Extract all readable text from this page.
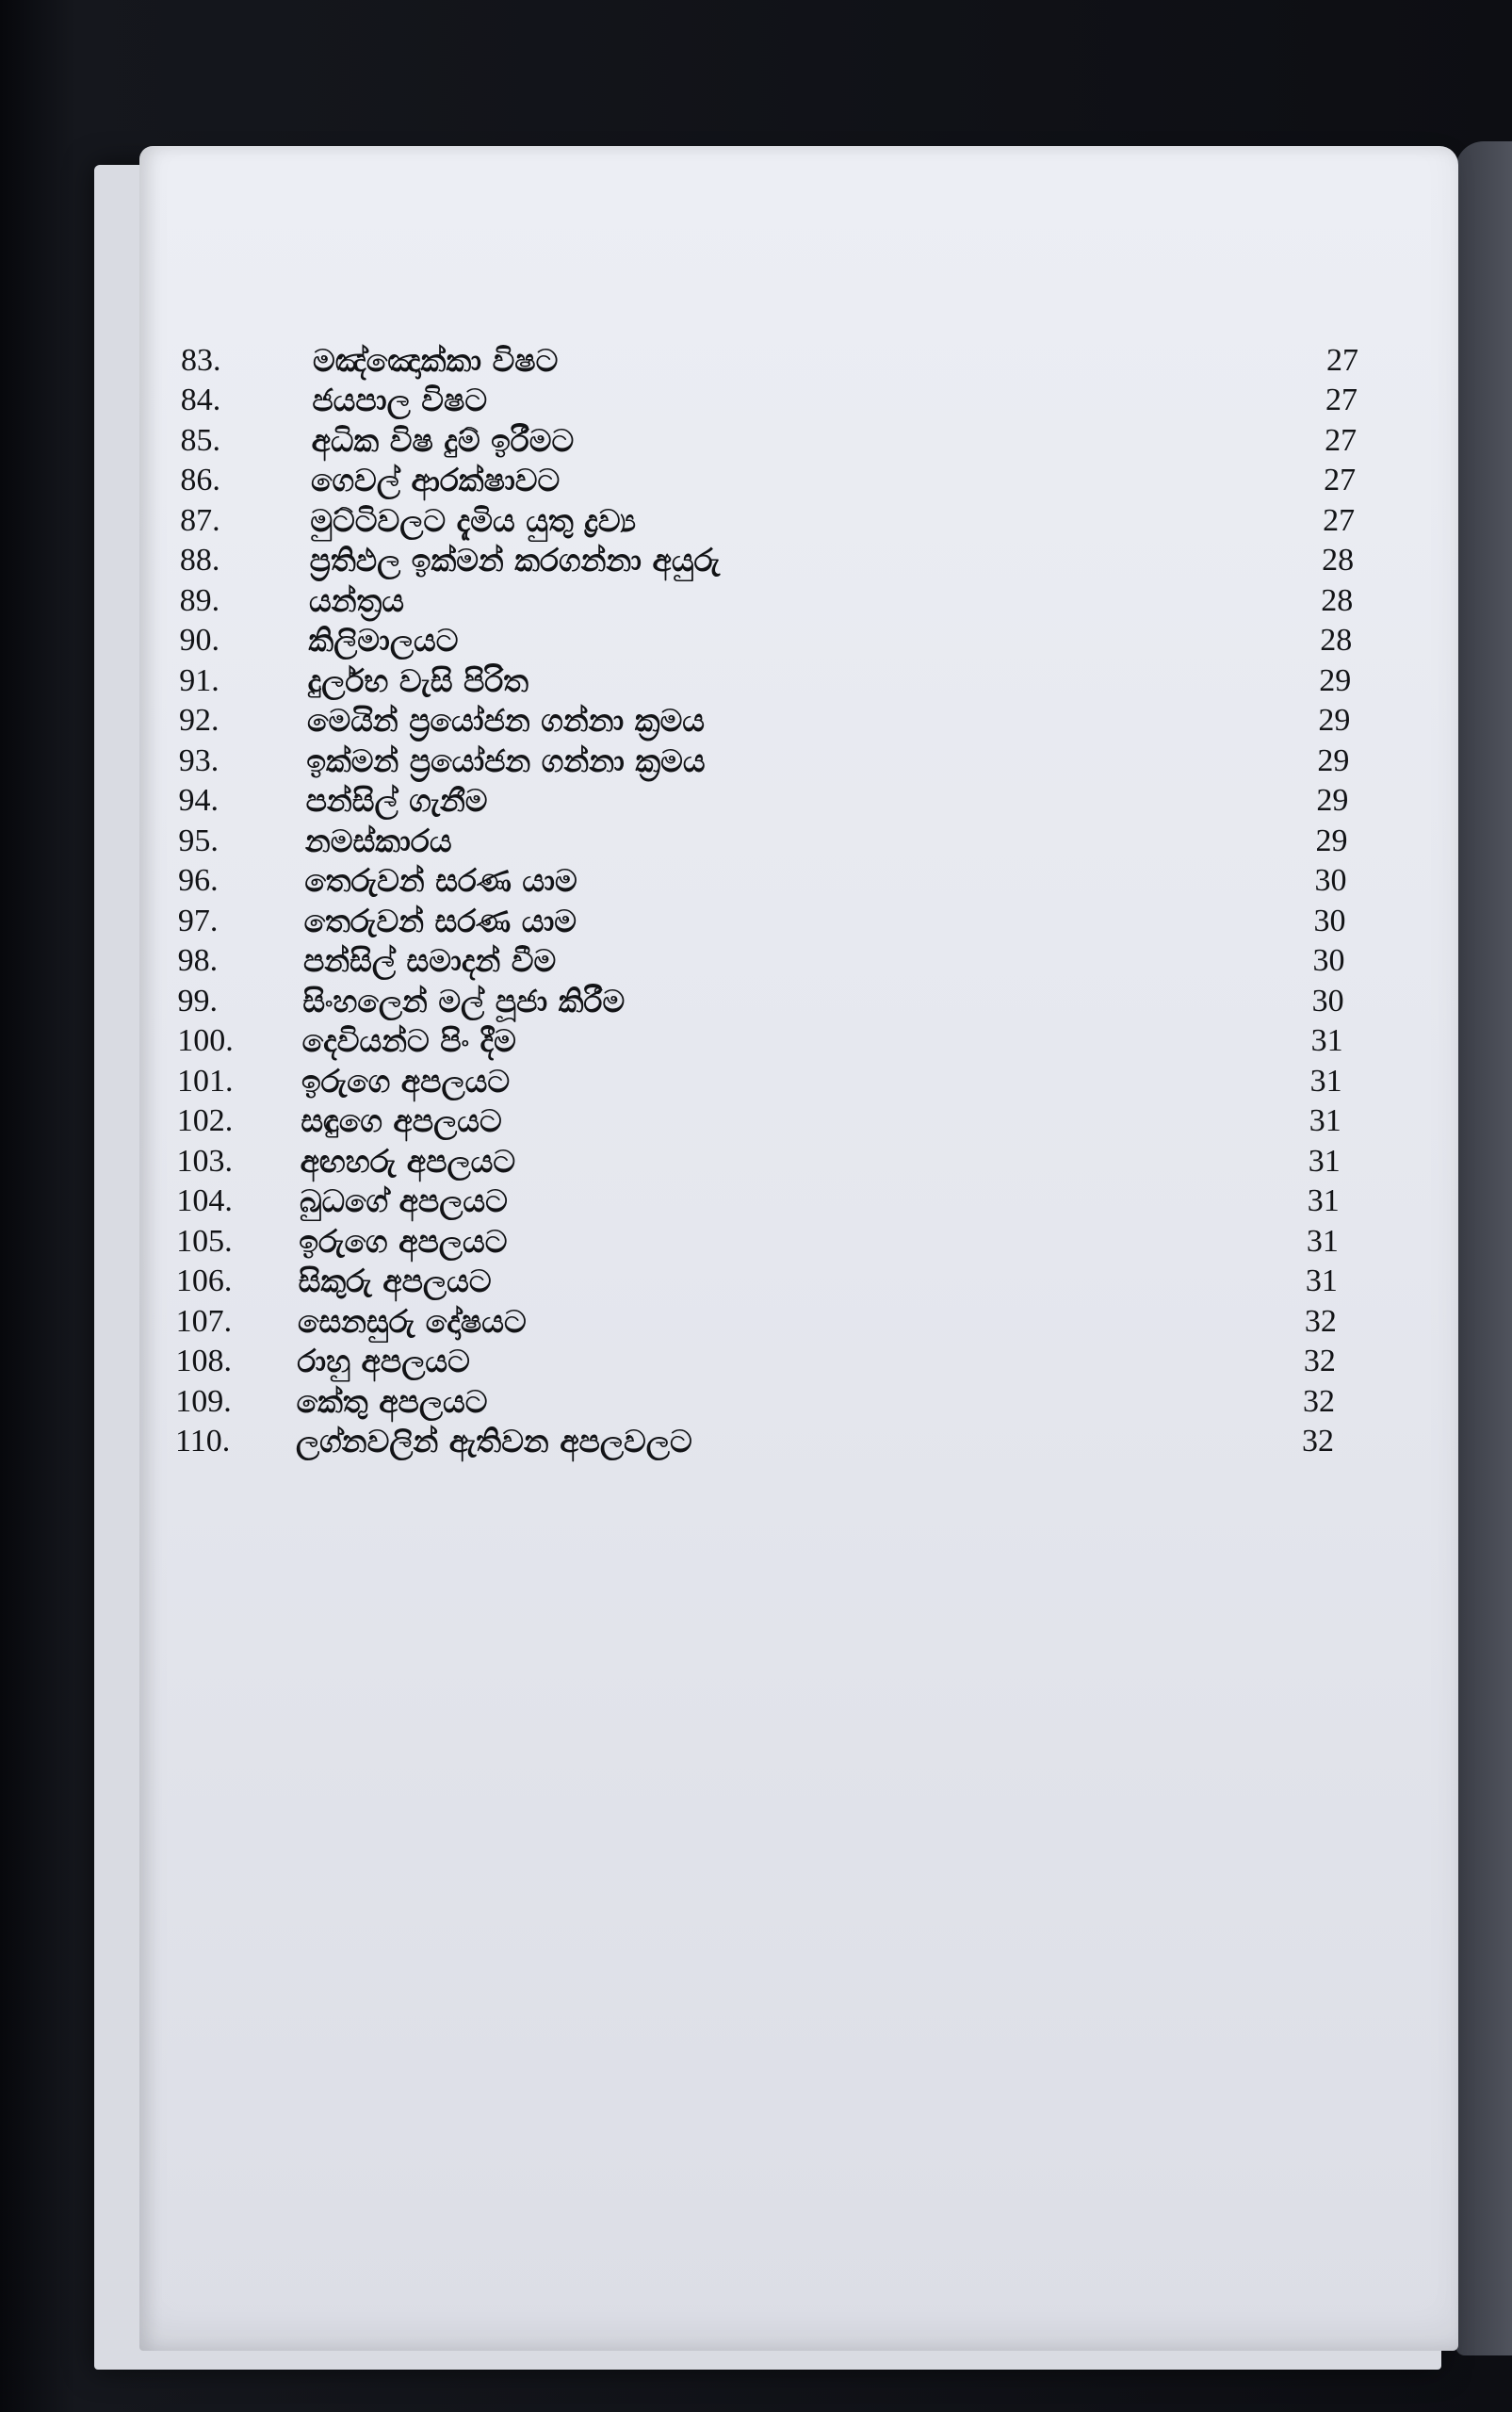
83.	මඤ්ඤොක්කා විෂට	27
84.	ජයපාල විෂට	27
85.	අධික විෂ දුම් ඉරීමට	27
86.	ගෙවල් ආරක්ෂාවට	27
87.	මුට්ටිවලට දැමිය යුතු ද්‍රව්‍ය	27
88.	ප්‍රතිඵල ඉක්මන් කරගන්නා අයුරු	28
89.	යන්ත්‍රය	28
90.	කිලිමාලයට	28
91.	දුර්ලභ වැසි පිරිත	29
92.	මෙයින් ප්‍රයෝජන ගන්නා ක්‍රමය	29
93.	ඉක්මන් ප්‍රයෝජන ගන්නා ක්‍රමය	29
94.	පන්සිල් ගැනීම	29
95.	නමස්කාරය	29
96.	තෙරුවන් සරණ යාම	30
97.	තෙරුවන් සරණ යාම	30
98.	පන්සිල් සමාදන් වීම	30
99.	සිංහලෙන් මල් පූජා කිරීම	30
100. දෙවියන්ට පිං දීම	31
101. ඉරුගෙ අපලයට	31
102. සඳුගෙ අපලයට	31
103. අඟහරු අපලයට	31
104. බුධගේ අපලයට	31
105. ඉරුගෙ අපලයට	31
106. සිකුරු අපලයට	31
107. සෙනසුරු දෝෂයට	32
108. රාහු අපලයට	32
109. කේතු අපලයට	32
110. ලග්නවලින් ඇතිවන අපලවලට	32
